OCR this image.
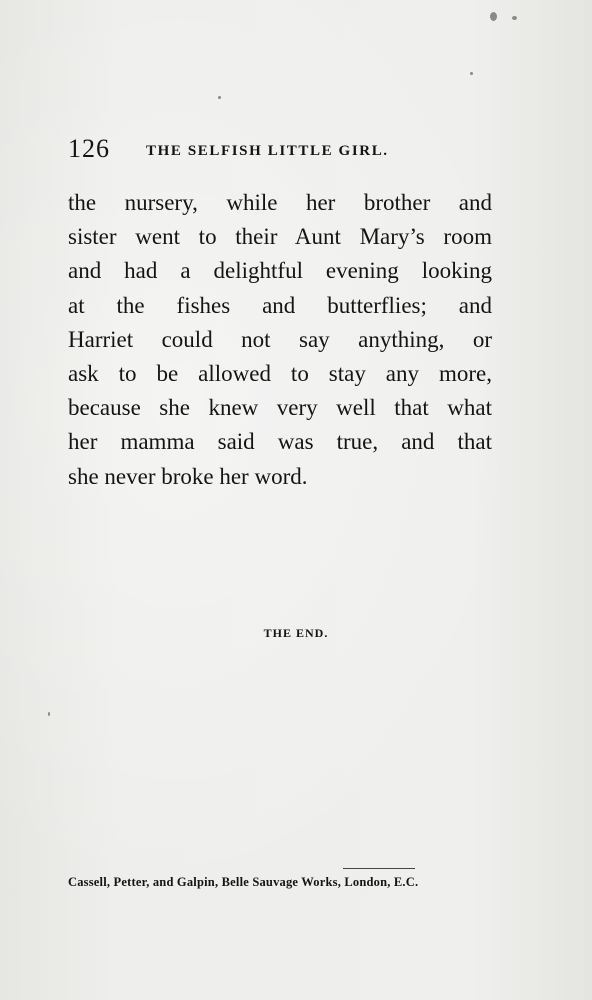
126 THE SELFISH LITTLE GIRL.
the nursery, while her brother and
sister went to their Aunt Mary’s room
and had a delightful evening looking
at the fishes and butterflies; and
Harriet could not say anything, or
ask to be allowed to stay any more,
because she knew very well that what
her mamma said was true, and that
she never broke her word.
THE END.
Cassell, Petter, and Galpin, Belle Sauvage Works, London, E.C.
